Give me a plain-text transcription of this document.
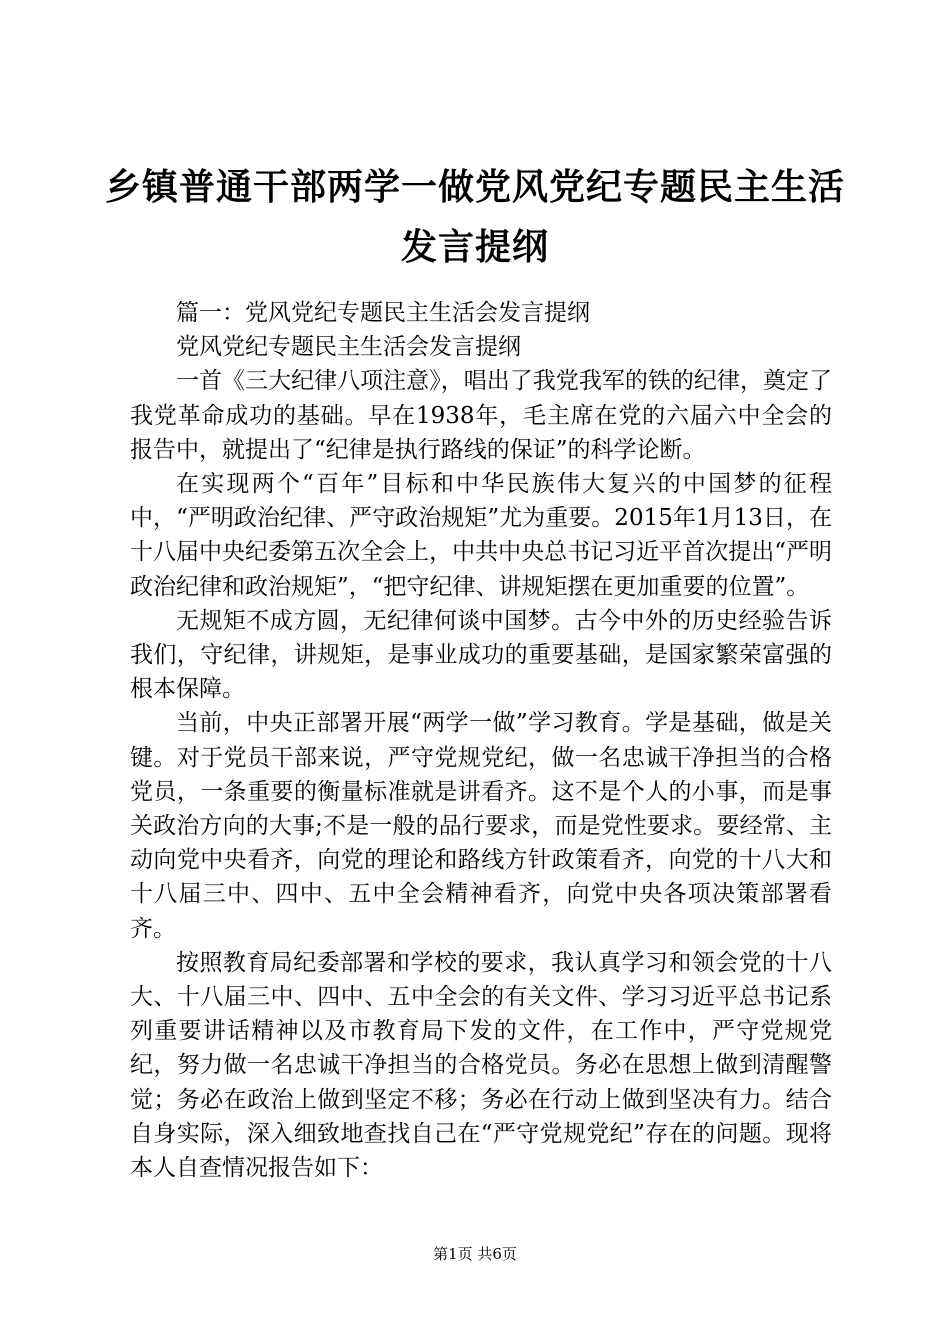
乡镇普通干部两学一做党风党纪专题民主生活
发言提纲

篇一：党风党纪专题民主生活会发言提纲

党风党纪专题民主生活会发言提纲

一首《三大纪律八项注意》，唱出了我党我军的铁的纪律，奠定了我党革命成功的基础。早在1938年，毛主席在党的六届六中全会的报告中，就提出了“纪律是执行路线的保证”的科学论断。

在实现两个“百年”目标和中华民族伟大复兴的中国梦的征程中，“严明政治纪律、严守政治规矩”尤为重要。2015年1月13日，在十八届中央纪委第五次全会上，中共中央总书记习近平首次提出“严明政治纪律和政治规矩”，“把守纪律、讲规矩摆在更加重要的位置”。

无规矩不成方圆，无纪律何谈中国梦。古今中外的历史经验告诉我们，守纪律，讲规矩，是事业成功的重要基础，是国家繁荣富强的根本保障。

当前，中央正部署开展“两学一做”学习教育。学是基础，做是关键。对于党员干部来说，严守党规党纪，做一名忠诚干净担当的合格党员，一条重要的衡量标准就是讲看齐。这不是个人的小事，而是事关政治方向的大事;不是一般的品行要求，而是党性要求。要经常、主动向党中央看齐，向党的理论和路线方针政策看齐，向党的十八大和十八届三中、四中、五中全会精神看齐，向党中央各项决策部署看齐。

按照教育局纪委部署和学校的要求，我认真学习和领会党的十八大、十八届三中、四中、五中全会的有关文件、学习习近平总书记系列重要讲话精神以及市教育局下发的文件，在工作中，严守党规党纪，努力做一名忠诚干净担当的合格党员。务必在思想上做到清醒警觉；务必在政治上做到坚定不移；务必在行动上做到坚决有力。结合自身实际，深入细致地查找自己在“严守党规党纪”存在的问题。现将本人自查情况报告如下：

第1页 共6页
